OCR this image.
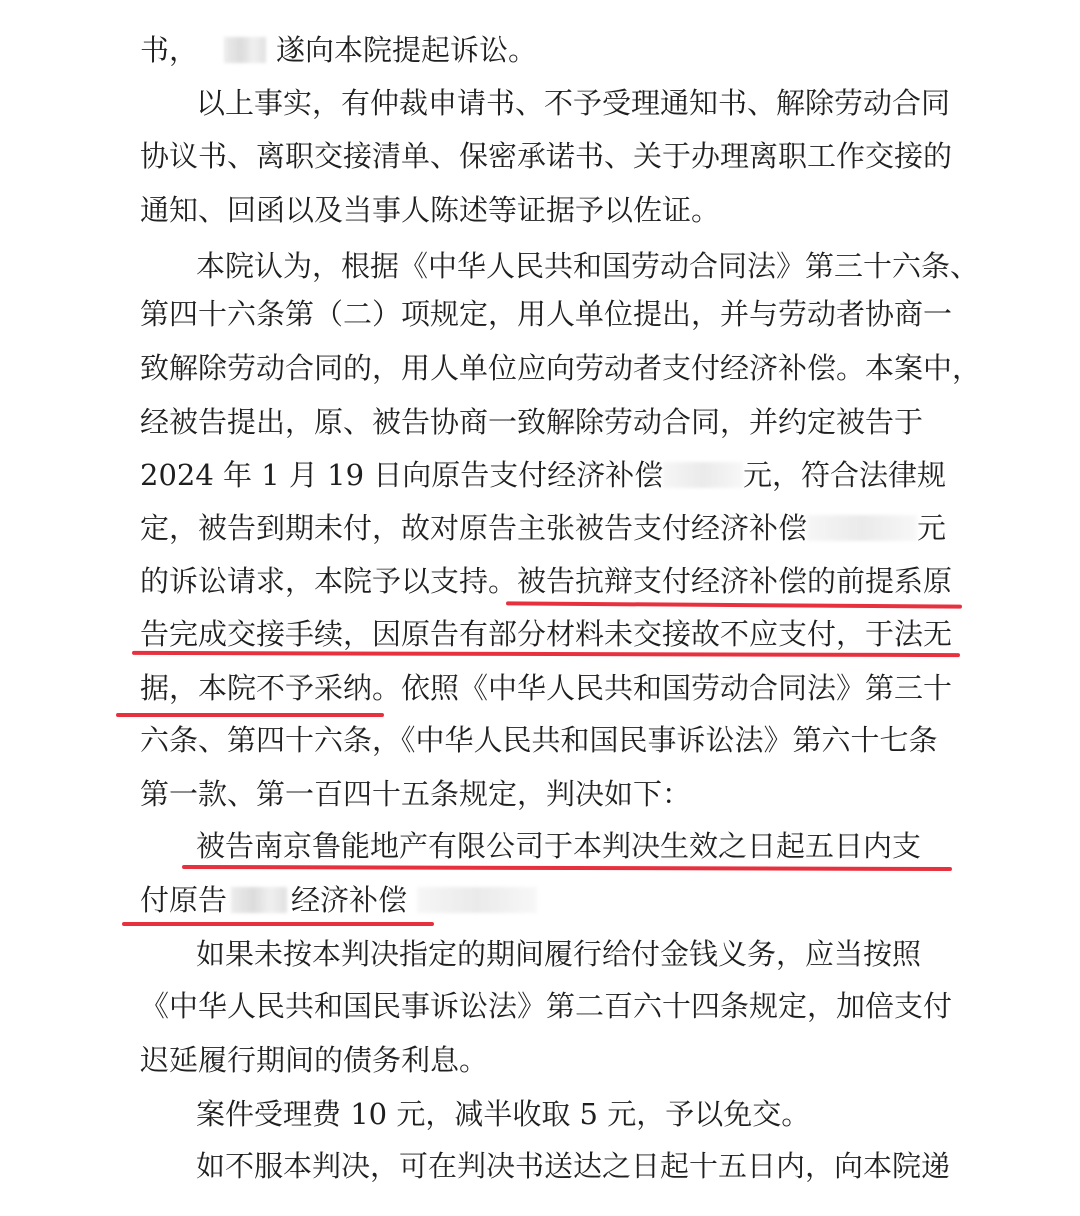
书，	遂向本院提起诉讼。
以上事实，有仲裁申请书、不予受理通知书、解除劳动合同
协议书、离职交接清单、保密承诺书、关于办理离职工作交接的
通知、回函以及当事人陈述等证据予以佐证。
本院认为，根据《中华人民共和国劳动合同法》第三十六条、
第四十六条第（二）项规定，用人单位提出，并与劳动者协商一
致解除劳动合同的，用人单位应向劳动者支付经济补偿。本案中，
经被告提出，原、被告协商一致解除劳动合同，并约定被告于
2024 年 1 月 19 日向原告支付经济补偿	元，符合法律规
定，被告到期未付，故对原告主张被告支付经济补偿	元
的诉讼请求，本院予以支持。被告抗辩支付经济补偿的前提系原
告完成交接手续，因原告有部分材料未交接故不应支付，于法无
据，本院不予采纳。依照《中华人民共和国劳动合同法》第三十
六条、第四十六条，《中华人民共和国民事诉讼法》第六十七条
第一款、第一百四十五条规定，判决如下：
被告南京鲁能地产有限公司于本判决生效之日起五日内支
付原告 经济补偿
如果未按本判决指定的期间履行给付金钱义务，应当按照
《中华人民共和国民事诉讼法》第二百六十四条规定，加倍支付
迟延履行期间的债务利息。
案件受理费 10 元，减半收取 5 元，予以免交。
如不服本判决，可在判决书送达之日起十五日内，向本院递
